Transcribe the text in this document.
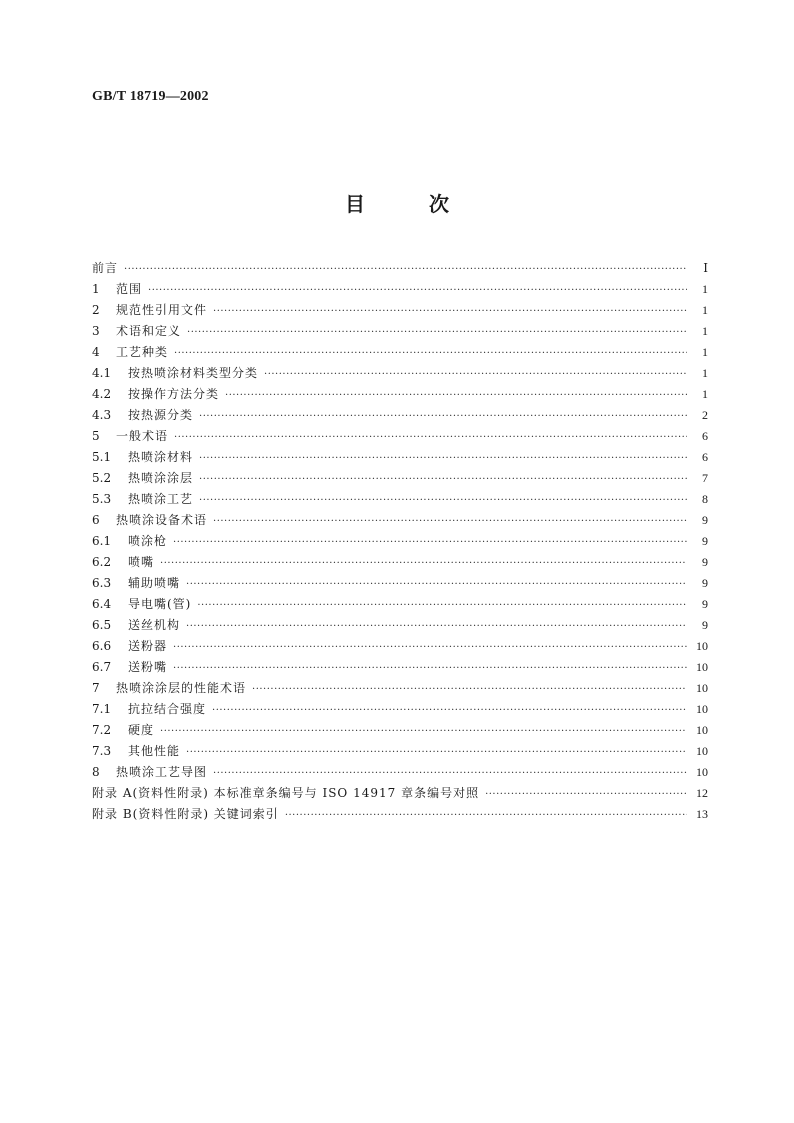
GB/T 18719—2002
目	次
前言 ·····	Ⅰ
1 范围 ·····	1
2 规范性引用文件 ·····	1
3 术语和定义 ·····	1
4 工艺种类 ·····	1
4.1 按热喷涂材料类型分类 ·····	1
4.2 按操作方法分类 ·····	1
4.3 按热源分类 ·····	2
5 一般术语 ·····	6
5.1 热喷涂材料 ·····	6
5.2 热喷涂涂层 ·····	7
5.3 热喷涂工艺 ·····	8
6 热喷涂设备术语 ·····	9
6.1 喷涂枪 ·····	9
6.2 喷嘴 ·····	9
6.3 辅助喷嘴 ·····	9
6.4 导电嘴(管) ·····	9
6.5 送丝机构 ·····	9
6.6 送粉器 ·····	10
6.7 送粉嘴 ·····	10
7 热喷涂涂层的性能术语 ·····	10
7.1 抗拉结合强度 ·····	10
7.2 硬度 ·····	10
7.3 其他性能 ·····	10
8 热喷涂工艺导图 ·····	10
附录 A(资料性附录) 本标准章条编号与 ISO 14917 章条编号对照 ·····	12
附录 B(资料性附录) 关键词索引 ·····	13
